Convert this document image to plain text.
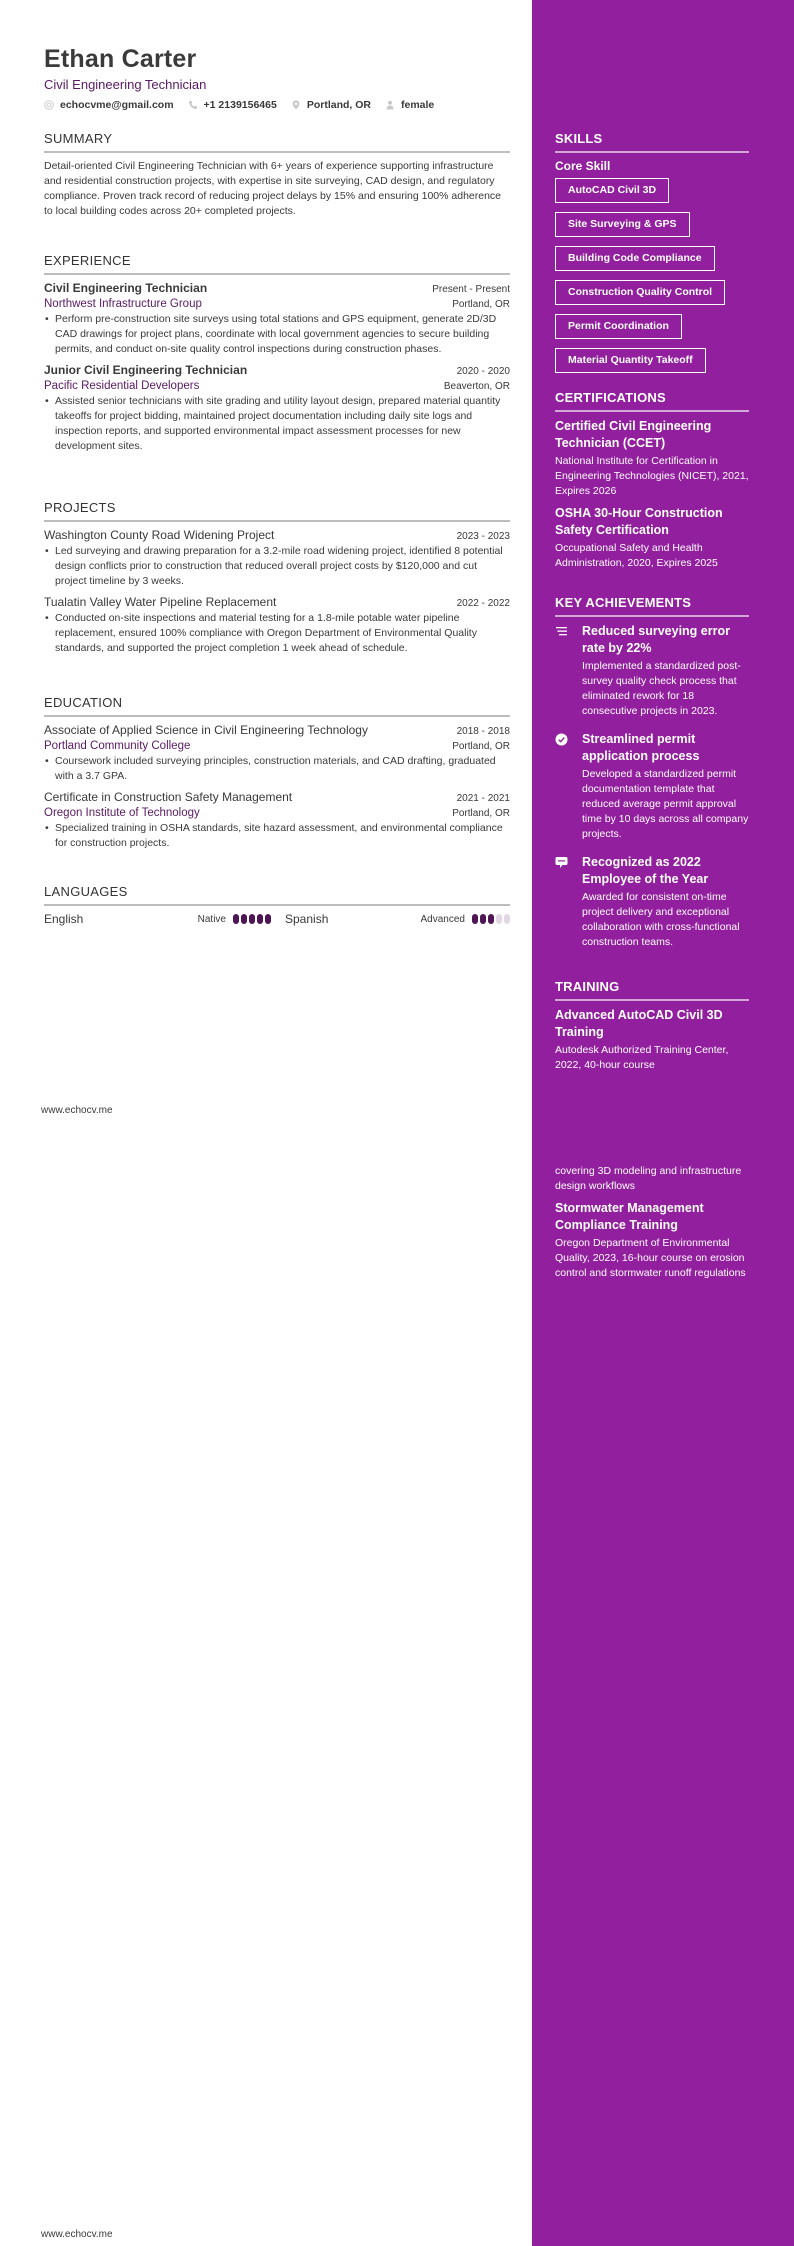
Ethan Carter
Civil Engineering Technician
echocvme@gmail.com	+1 2139156465	Portland, OR	female
SUMMARY
Detail-oriented Civil Engineering Technician with 6+ years of experience supporting infrastructure and residential construction projects, with expertise in site surveying, CAD design, and regulatory compliance. Proven track record of reducing project delays by 15% and ensuring 100% adherence to local building codes across 20+ completed projects.
EXPERIENCE
Civil Engineering Technician	Present - Present
Northwest Infrastructure Group	Portland, OR
• Perform pre-construction site surveys using total stations and GPS equipment, generate 2D/3D CAD drawings for project plans, coordinate with local government agencies to secure building permits, and conduct on-site quality control inspections during construction phases.
Junior Civil Engineering Technician	2020 - 2020
Pacific Residential Developers	Beaverton, OR
• Assisted senior technicians with site grading and utility layout design, prepared material quantity takeoffs for project bidding, maintained project documentation including daily site logs and inspection reports, and supported environmental impact assessment processes for new development sites.
PROJECTS
Washington County Road Widening Project	2023 - 2023
• Led surveying and drawing preparation for a 3.2-mile road widening project, identified 8 potential design conflicts prior to construction that reduced overall project costs by $120,000 and cut project timeline by 3 weeks.
Tualatin Valley Water Pipeline Replacement	2022 - 2022
• Conducted on-site inspections and material testing for a 1.8-mile potable water pipeline replacement, ensured 100% compliance with Oregon Department of Environmental Quality standards, and supported the project completion 1 week ahead of schedule.
EDUCATION
Associate of Applied Science in Civil Engineering Technology	2018 - 2018
Portland Community College	Portland, OR
• Coursework included surveying principles, construction materials, and CAD drafting, graduated with a 3.7 GPA.
Certificate in Construction Safety Management	2021 - 2021
Oregon Institute of Technology	Portland, OR
• Specialized training in OSHA standards, site hazard assessment, and environmental compliance for construction projects.
LANGUAGES
English	Native	Spanish	Advanced
www.echocv.me
www.echocv.me
SKILLS
Core Skill
AutoCAD Civil 3D
Site Surveying & GPS
Building Code Compliance
Construction Quality Control
Permit Coordination
Material Quantity Takeoff
CERTIFICATIONS
Certified Civil Engineering Technician (CCET)
National Institute for Certification in Engineering Technologies (NICET), 2021, Expires 2026
OSHA 30-Hour Construction Safety Certification
Occupational Safety and Health Administration, 2020, Expires 2025
KEY ACHIEVEMENTS
Reduced surveying error rate by 22%
Implemented a standardized post-survey quality check process that eliminated rework for 18 consecutive projects in 2023.
Streamlined permit application process
Developed a standardized permit documentation template that reduced average permit approval time by 10 days across all company projects.
Recognized as 2022 Employee of the Year
Awarded for consistent on-time project delivery and exceptional collaboration with cross-functional construction teams.
TRAINING
Advanced AutoCAD Civil 3D Training
Autodesk Authorized Training Center, 2022, 40-hour course
covering 3D modeling and infrastructure design workflows
Stormwater Management Compliance Training
Oregon Department of Environmental Quality, 2023, 16-hour course on erosion control and stormwater runoff regulations
